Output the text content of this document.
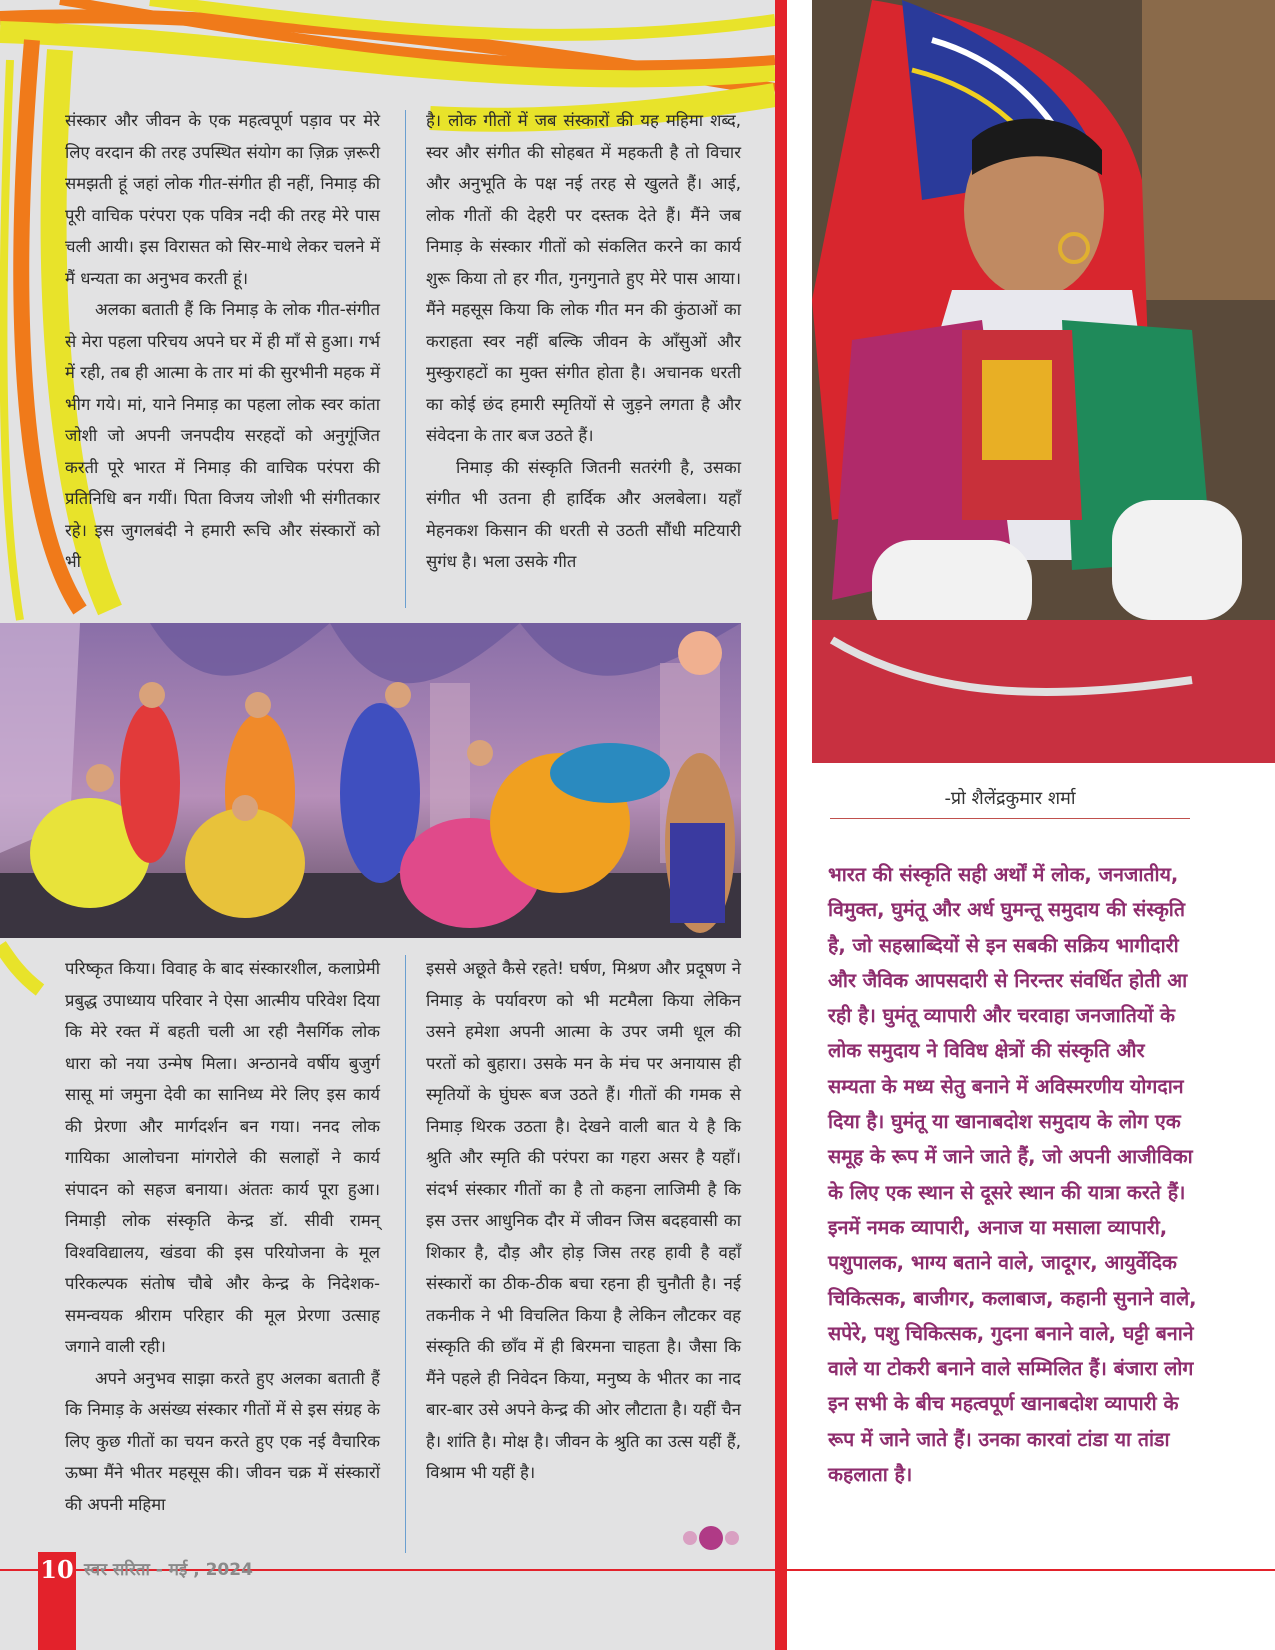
संस्कार और जीवन के एक महत्वपूर्ण पड़ाव पर मेरे लिए वरदान की तरह उपस्थित संयोग का ज़िक्र ज़रूरी समझती हूं जहां लोक गीत-संगीत ही नहीं, निमाड़ की पूरी वाचिक परंपरा एक पवित्र नदी की तरह मेरे पास चली आयी। इस विरासत को सिर-माथे लेकर चलने में मैं धन्यता का अनुभव करती हूं।

अलका बताती हैं कि निमाड़ के लोक गीत-संगीत से मेरा पहला परिचय अपने घर में ही माँ से हुआ। गर्भ में रही, तब ही आत्मा के तार मां की सुरभीनी महक में भीग गये। मां, याने निमाड़ का पहला लोक स्वर कांता जोशी जो अपनी जनपदीय सरहदों को अनुगूंजित करती पूरे भारत में निमाड़ की वाचिक परंपरा की प्रतिनिधि बन गयीं। पिता विजय जोशी भी संगीतकार रहे। इस जुगलबंदी ने हमारी रूचि और संस्कारों को भी

है। लोक गीतों में जब संस्कारों की यह महिमा शब्द, स्वर और संगीत की सोहबत में महकती है तो विचार और अनुभूति के पक्ष नई तरह से खुलते हैं। आई, लोक गीतों की देहरी पर दस्तक देते हैं। मैंने जब निमाड़ के संस्कार गीतों को संकलित करने का कार्य शुरू किया तो हर गीत, गुनगुनाते हुए मेरे पास आया। मैंने महसूस किया कि लोक गीत मन की कुंठाओं का कराहता स्वर नहीं बल्कि जीवन के आँसुओं और मुस्कुराहटों का मुक्त संगीत होता है। अचानक धरती का कोई छंद हमारी स्मृतियों से जुड़ने लगता है और संवेदना के तार बज उठते हैं।

निमाड़ की संस्कृति जितनी सतरंगी है, उसका संगीत भी उतना ही हार्दिक और अलबेला। यहाँ मेहनकश किसान की धरती से उठती सौंधी मटियारी सुगंध है। भला उसके गीत

परिष्कृत किया। विवाह के बाद संस्कारशील, कलाप्रेमी प्रबुद्ध उपाध्याय परिवार ने ऐसा आत्मीय परिवेश दिया कि मेरे रक्त में बहती चली आ रही नैसर्गिक लोक धारा को नया उन्मेष मिला। अन्ठानवे वर्षीय बुजुर्ग सासू मां जमुना देवी का सानिध्य मेरे लिए इस कार्य की प्रेरणा और मार्गदर्शन बन गया। ननद लोक गायिका आलोचना मांगरोले की सलाहों ने कार्य संपादन को सहज बनाया। अंततः कार्य पूरा हुआ। निमाड़ी लोक संस्कृति केन्द्र डॉ. सीवी रामन् विश्वविद्यालय, खंडवा की इस परियोजना के मूल परिकल्पक संतोष चौबे और केन्द्र के निदेशक-समन्वयक श्रीराम परिहार की मूल प्रेरणा उत्साह जगाने वाली रही।

अपने अनुभव साझा करते हुए अलका बताती हैं कि निमाड़ के असंख्य संस्कार गीतों में से इस संग्रह के लिए कुछ गीतों का चयन करते हुए एक नई वैचारिक ऊष्मा मैंने भीतर महसूस की। जीवन चक्र में संस्कारों की अपनी महिमा

इससे अछूते कैसे रहते! घर्षण, मिश्रण और प्रदूषण ने निमाड़ के पर्यावरण को भी मटमैला किया लेकिन उसने हमेशा अपनी आत्मा के उपर जमी धूल की परतों को बुहारा। उसके मन के मंच पर अनायास ही स्मृतियों के घुंघरू बज उठते हैं। गीतों की गमक से निमाड़ थिरक उठता है। देखने वाली बात ये है कि श्रुति और स्मृति की परंपरा का गहरा असर है यहाँ। संदर्भ संस्कार गीतों का है तो कहना लाजिमी है कि इस उत्तर आधुनिक दौर में जीवन जिस बदहवासी का शिकार है, दौड़ और होड़ जिस तरह हावी है वहाँ संस्कारों का ठीक-ठीक बचा रहना ही चुनौती है। नई तकनीक ने भी विचलित किया है लेकिन लौटकर वह संस्कृति की छाँव में ही बिरमना चाहता है। जैसा कि मैंने पहले ही निवेदन किया, मनुष्य के भीतर का नाद बार-बार उसे अपने केन्द्र की ओर लौटाता है। यहीं चैन है। शांति है। मोक्ष है। जीवन के श्रुति का उत्स यहीं हैं, विश्राम भी यहीं है।

10 स्वर सरिता - मई , 2024
-प्रो शैलेंद्रकुमार शर्मा

भारत की संस्कृति सही अर्थों में लोक, जनजातीय, विमुक्त, घुमंतू और अर्ध घुमन्तू समुदाय की संस्कृति है, जो सहस्राब्दियों से इन सबकी सक्रिय भागीदारी और जैविक आपसदारी से निरन्तर संवर्धित होती आ रही है। घुमंतू व्यापारी और चरवाहा जनजातियों के लोक समुदाय ने विविध क्षेत्रों की संस्कृति और सम्यता के मध्य सेतु बनाने में अविस्मरणीय योगदान दिया है। घुमंतू या खानाबदोश समुदाय के लोग एक समूह के रूप में जाने जाते हैं, जो अपनी आजीविका के लिए एक स्थान से दूसरे स्थान की यात्रा करते हैं। इनमें नमक व्यापारी, अनाज या मसाला व्यापारी, पशुपालक, भाग्य बताने वाले, जादूगर, आयुर्वेदिक चिकित्सक, बाजीगर, कलाबाज, कहानी सुनाने वाले, सपेरे, पशु चिकित्सक, गुदना बनाने वाले, घट्टी बनाने वाले या टोकरी बनाने वाले सम्मिलित हैं। बंजारा लोग इन सभी के बीच महत्वपूर्ण खानाबदोश व्यापारी के रूप में जाने जाते हैं। उनका कारवां टांडा या तांडा कहलाता है।
